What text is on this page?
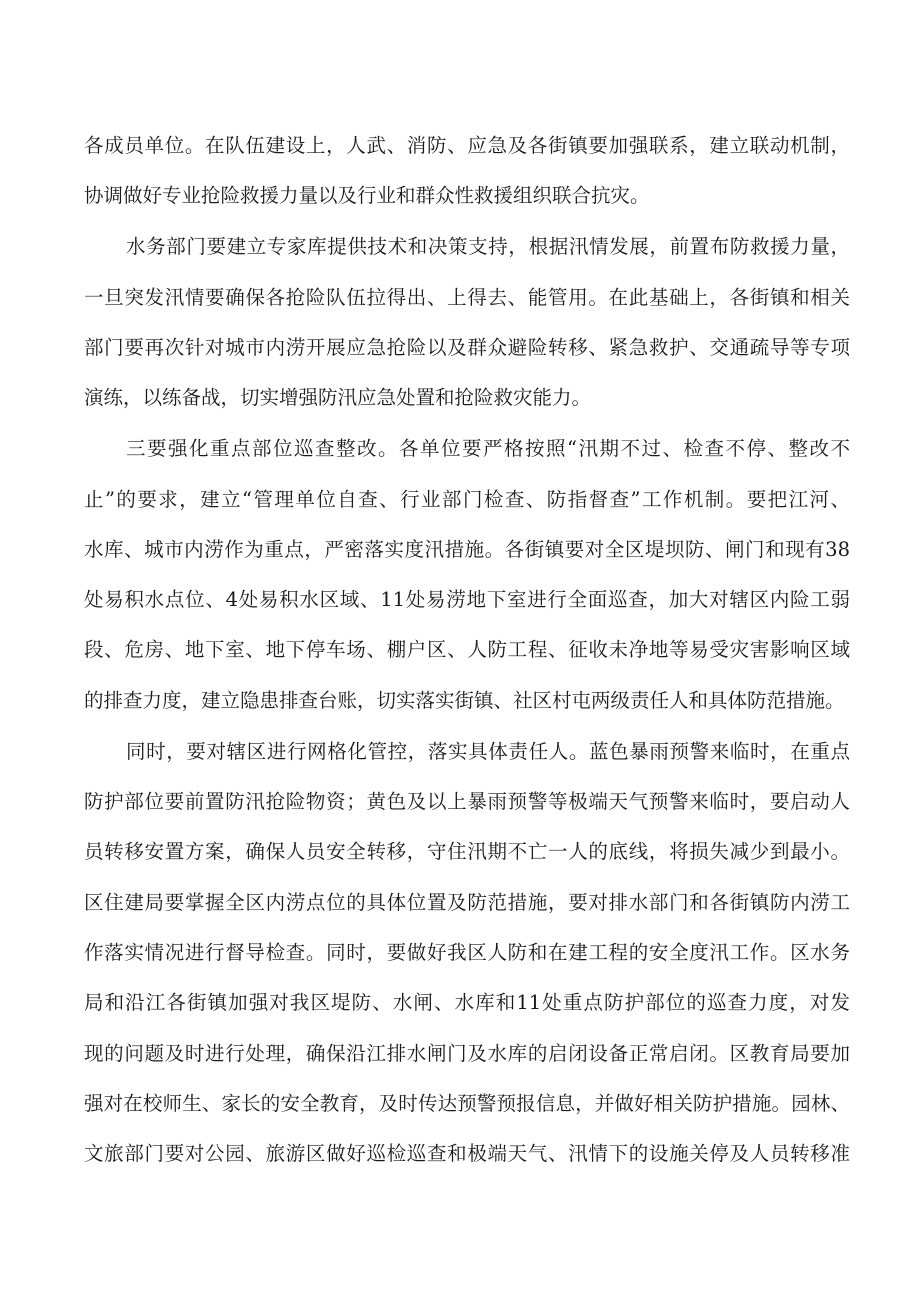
各成员单位。在队伍建设上，人武、消防、应急及各街镇要加强联系，建立联动机制，
协调做好专业抢险救援力量以及行业和群众性救援组织联合抗灾。
水务部门要建立专家库提供技术和决策支持，根据汛情发展，前置布防救援力量，
一旦突发汛情要确保各抢险队伍拉得出、上得去、能管用。在此基础上，各街镇和相关
部门要再次针对城市内涝开展应急抢险以及群众避险转移、紧急救护、交通疏导等专项
演练，以练备战，切实增强防汛应急处置和抢险救灾能力。
三要强化重点部位巡查整改。各单位要严格按照“汛期不过、检查不停、整改不
止”的要求，建立“管理单位自查、行业部门检查、防指督查”工作机制。要把江河、
水库、城市内涝作为重点，严密落实度汛措施。各街镇要对全区堤坝防、闸门和现有38
处易积水点位、4处易积水区域、11处易涝地下室进行全面巡查，加大对辖区内险工弱
段、危房、地下室、地下停车场、棚户区、人防工程、征收未净地等易受灾害影响区域
的排查力度，建立隐患排查台账，切实落实街镇、社区村屯两级责任人和具体防范措施。
同时，要对辖区进行网格化管控，落实具体责任人。蓝色暴雨预警来临时，在重点
防护部位要前置防汛抢险物资；黄色及以上暴雨预警等极端天气预警来临时，要启动人
员转移安置方案，确保人员安全转移，守住汛期不亡一人的底线，将损失减少到最小。
区住建局要掌握全区内涝点位的具体位置及防范措施，要对排水部门和各街镇防内涝工
作落实情况进行督导检查。同时，要做好我区人防和在建工程的安全度汛工作。区水务
局和沿江各街镇加强对我区堤防、水闸、水库和11处重点防护部位的巡查力度，对发
现的问题及时进行处理，确保沿江排水闸门及水库的启闭设备正常启闭。区教育局要加
强对在校师生、家长的安全教育，及时传达预警预报信息，并做好相关防护措施。园林、
文旅部门要对公园、旅游区做好巡检巡查和极端天气、汛情下的设施关停及人员转移准
